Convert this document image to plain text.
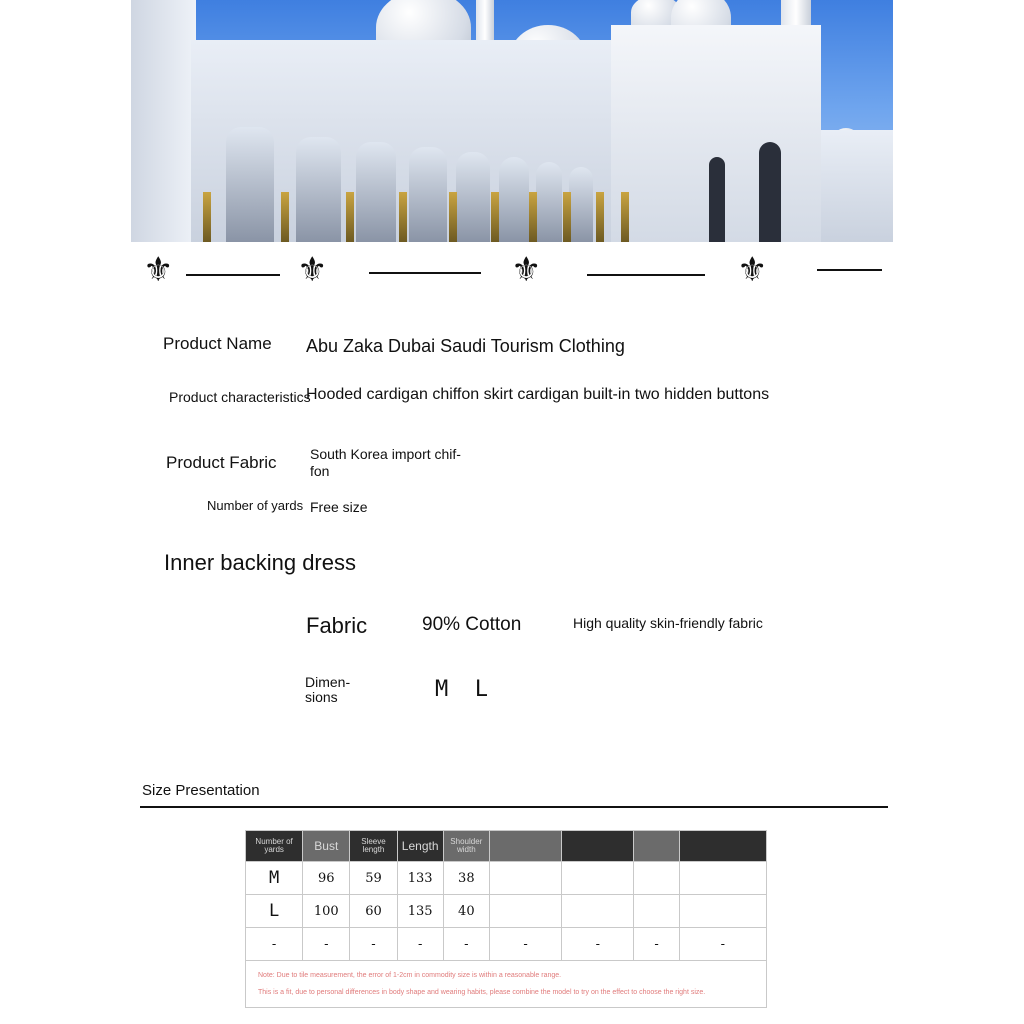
⚜	⚜	⚜	⚜
Product Name Abu Zaka Dubai Saudi Tourism Clothing
Product characteristics
Hooded cardigan chiffon skirt cardigan built-in two hidden buttons
Product Fabric South Korea import chif-
fon
Number of yards Free size
Inner backing dress
Fabric	90% Cotton	High quality skin-friendly fabric
Dimen-
sions	M  L
Size Presentation
Number of yards	Bust	Sleeve length	Length	Shoulder width				
M	96	59	133	38				
L	100	60	135	40				
-	-	-	-	-	-	-	-	-

Note: Due to tile measurement, the error of 1-2cm in commodity size is within a reasonable range.
This is a fit, due to personal differences in body shape and wearing habits, please combine the model to try on the effect to choose the right size.								
